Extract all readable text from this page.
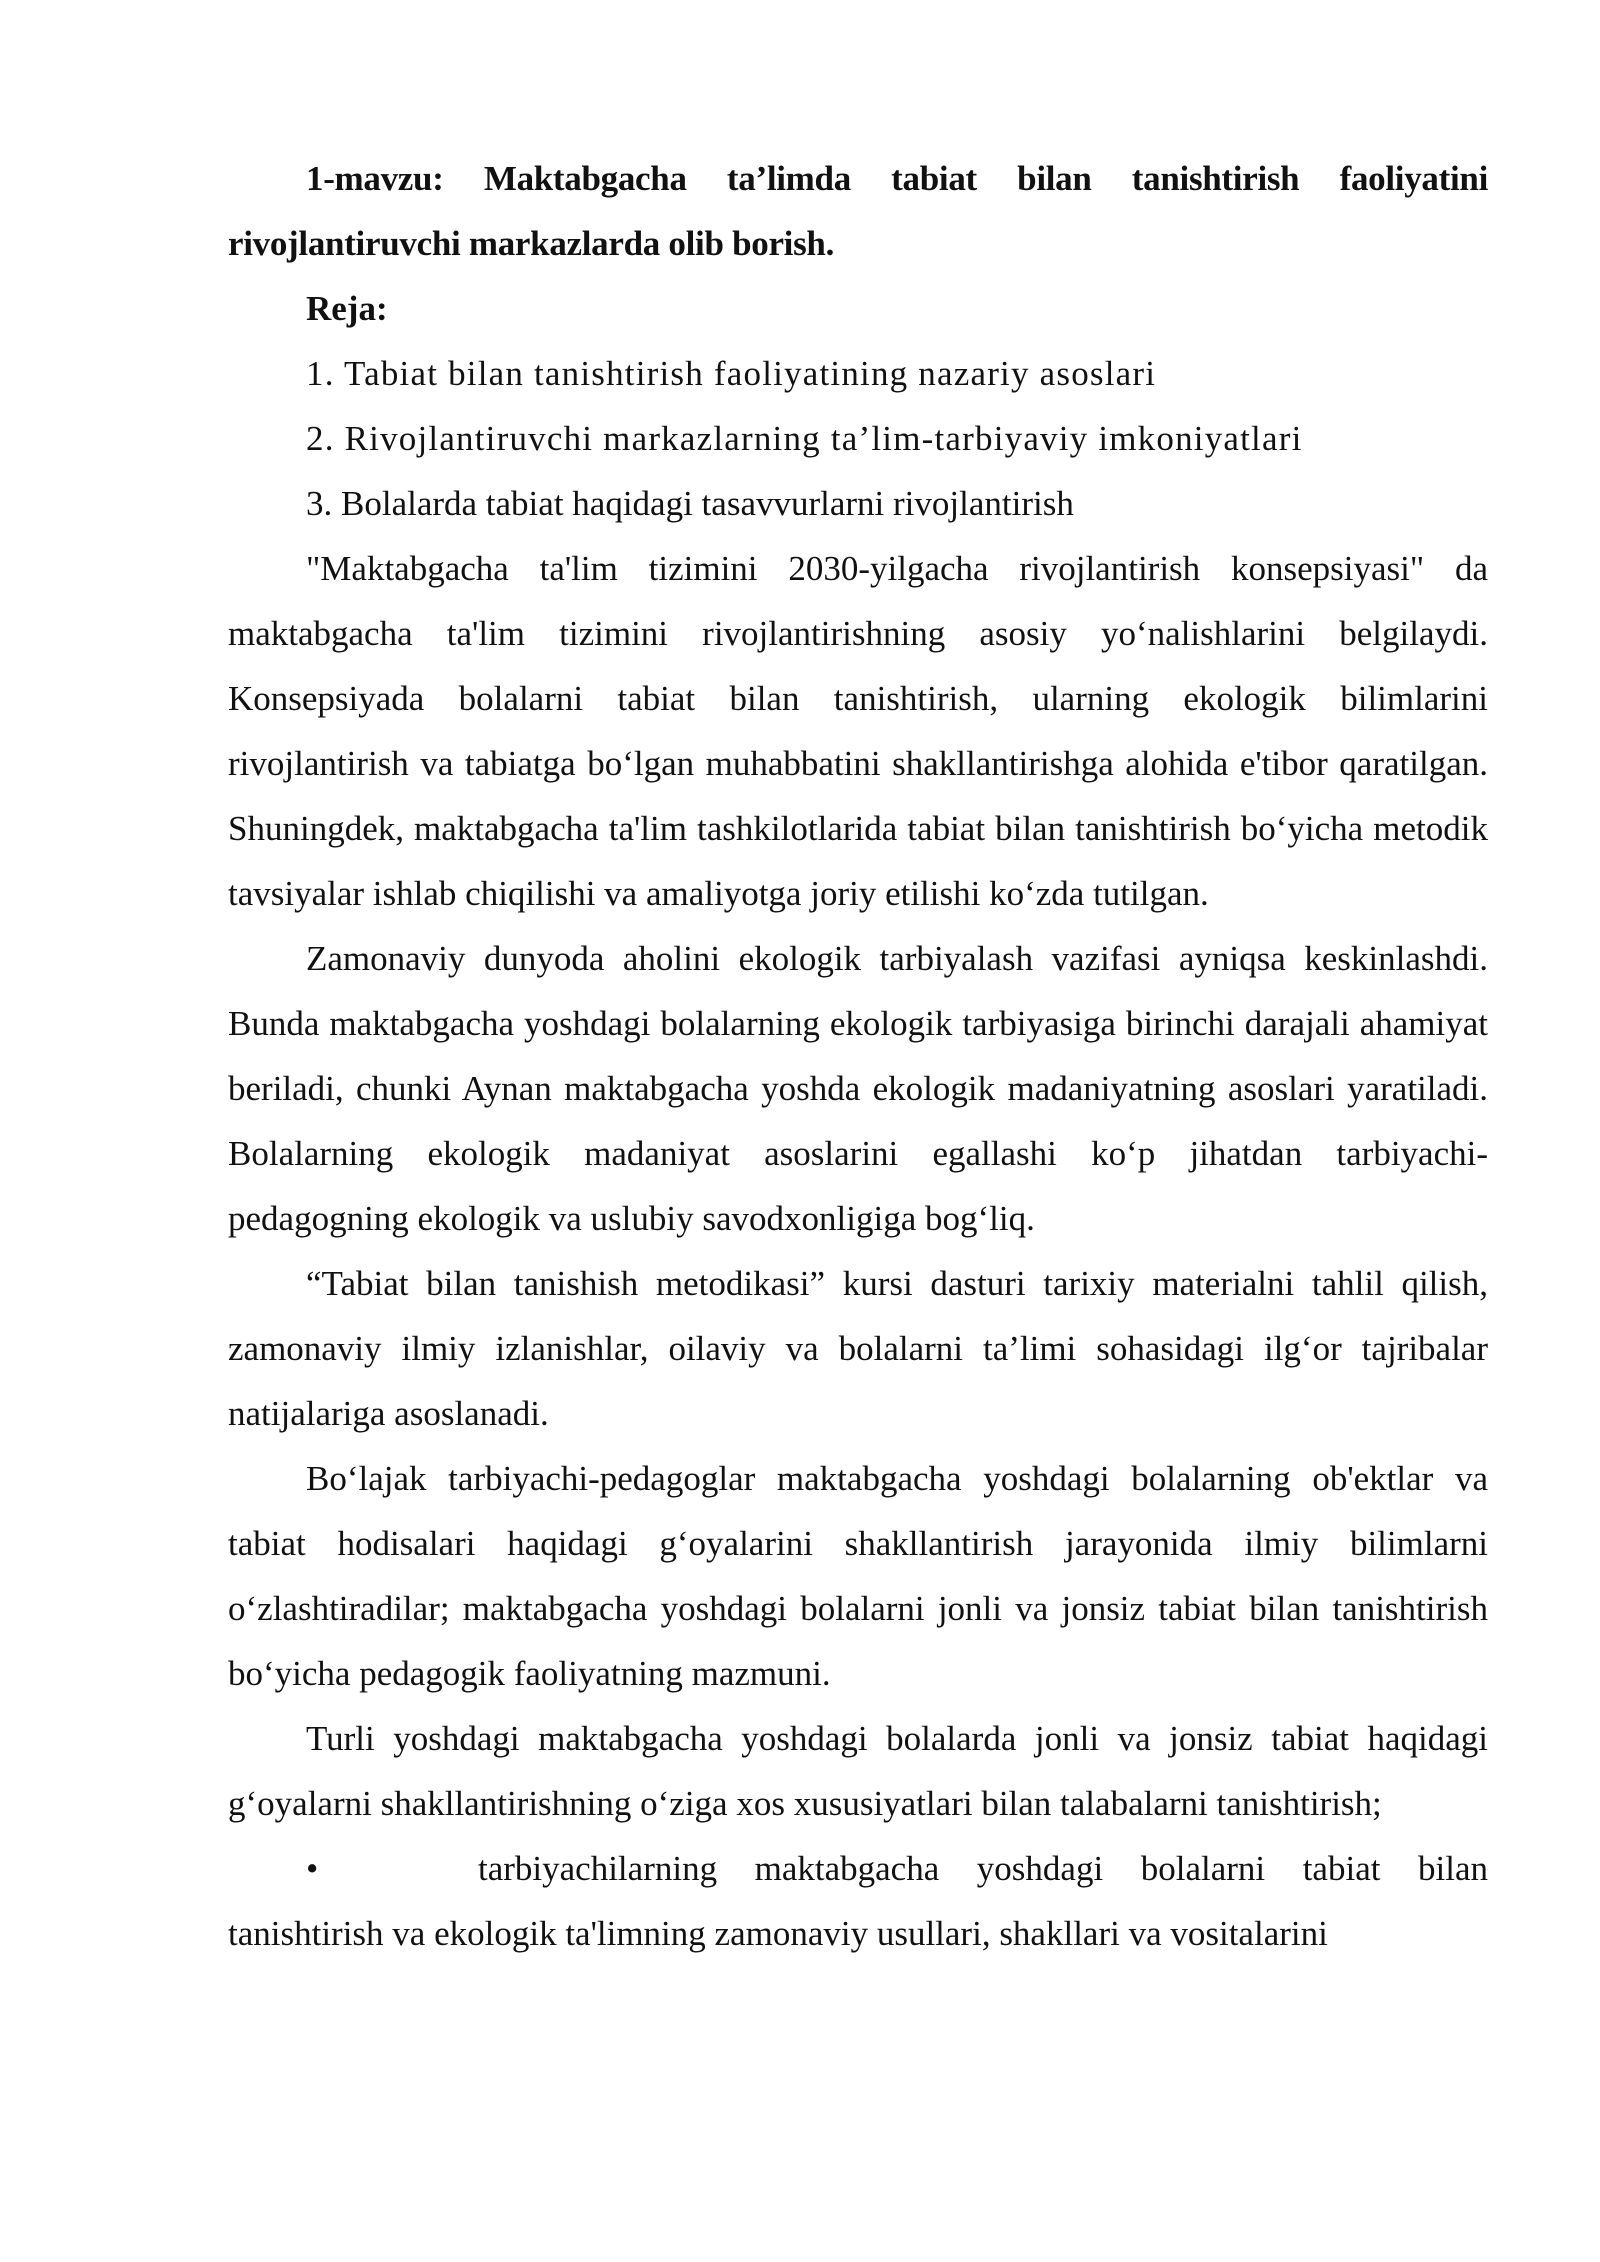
1-mavzu: Maktabgacha ta’limda tabiat bilan tanishtirish faoliyatini rivojlantiruvchi markazlarda olib borish.

Reja:

1. Tabiat bilan tanishtirish faoliyatining nazariy asoslari

2. Rivojlantiruvchi markazlarning ta’lim-tarbiyaviy imkoniyatlari

3. Bolalarda tabiat haqidagi tasavvurlarni rivojlantirish

"Maktabgacha ta'lim tizimini 2030-yilgacha rivojlantirish konsepsiyasi" da maktabgacha ta'lim tizimini rivojlantirishning asosiy yo‘nalishlarini belgilaydi. Konsepsiyada bolalarni tabiat bilan tanishtirish, ularning ekologik bilimlarini rivojlantirish va tabiatga bo‘lgan muhabbatini shakllantirishga alohida e'tibor qaratilgan. Shuningdek, maktabgacha ta'lim tashkilotlarida tabiat bilan tanishtirish bo‘yicha metodik tavsiyalar ishlab chiqilishi va amaliyotga joriy etilishi ko‘zda tutilgan.

Zamonaviy dunyoda aholini ekologik tarbiyalash vazifasi ayniqsa keskinlashdi. Bunda maktabgacha yoshdagi bolalarning ekologik tarbiyasiga birinchi darajali ahamiyat beriladi, chunki Aynan maktabgacha yoshda ekologik madaniyatning asoslari yaratiladi. Bolalarning ekologik madaniyat asoslarini egallashi ko‘p jihatdan tarbiyachi- pedagogning ekologik va uslubiy savodxonligiga bog‘liq.

“Tabiat bilan tanishish metodikasi” kursi dasturi tarixiy materialni tahlil qilish, zamonaviy ilmiy izlanishlar, oilaviy va bolalarni ta’limi sohasidagi ilg‘or tajribalar natijalariga asoslanadi.

Bo‘lajak tarbiyachi-pedagoglar maktabgacha yoshdagi bolalarning ob'ektlar va tabiat hodisalari haqidagi g‘oyalarini shakllantirish jarayonida ilmiy bilimlarni o‘zlashtiradilar; maktabgacha yoshdagi bolalarni jonli va jonsiz tabiat bilan tanishtirish bo‘yicha pedagogik faoliyatning mazmuni.

Turli yoshdagi maktabgacha yoshdagi bolalarda jonli va jonsiz tabiat haqidagi g‘oyalarni shakllantirishning o‘ziga xos xususiyatlari bilan talabalarni tanishtirish;

•	tarbiyachilarning maktabgacha yoshdagi bolalarni tabiat bilan tanishtirish va ekologik ta'limning zamonaviy usullari, shakllari va vositalarini
